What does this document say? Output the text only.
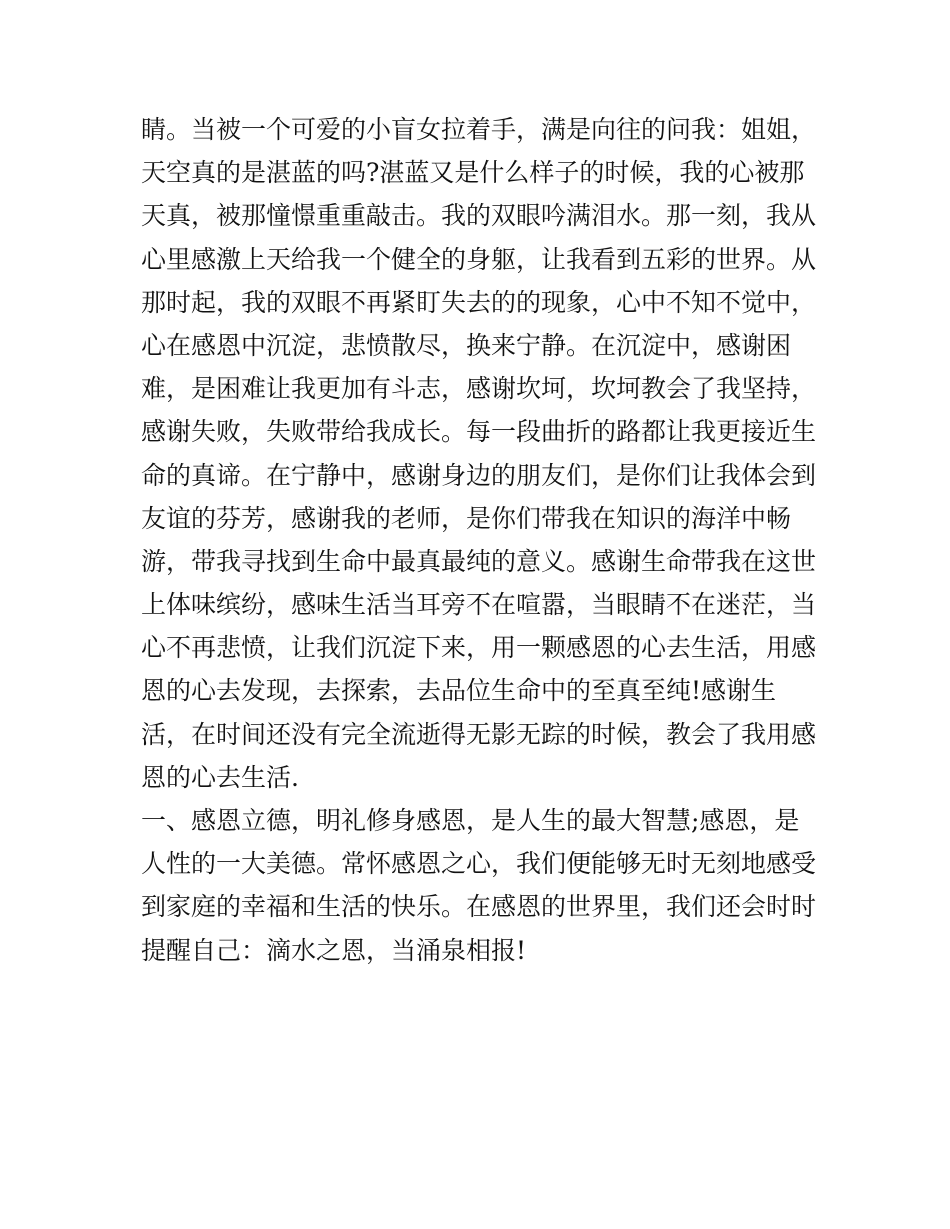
睛。当被一个可爱的小盲女拉着手，满是向往的问我：姐姐，
天空真的是湛蓝的吗?湛蓝又是什么样子的时候，我的心被那
天真，被那憧憬重重敲击。我的双眼吟满泪水。那一刻，我从
心里感激上天给我一个健全的身躯，让我看到五彩的世界。从
那时起，我的双眼不再紧盯失去的的现象，心中不知不觉中，
心在感恩中沉淀，悲愤散尽，换来宁静。在沉淀中，感谢困
难，是困难让我更加有斗志，感谢坎坷，坎坷教会了我坚持，
感谢失败，失败带给我成长。每一段曲折的路都让我更接近生
命的真谛。在宁静中，感谢身边的朋友们，是你们让我体会到
友谊的芬芳，感谢我的老师，是你们带我在知识的海洋中畅
游，带我寻找到生命中最真最纯的意义。感谢生命带我在这世
上体味缤纷，感味生活当耳旁不在喧嚣，当眼睛不在迷茫，当
心不再悲愤，让我们沉淀下来，用一颗感恩的心去生活，用感
恩的心去发现，去探索，去品位生命中的至真至纯!感谢生
活，在时间还没有完全流逝得无影无踪的时候，教会了我用感
恩的心去生活.
一、感恩立德，明礼修身感恩，是人生的最大智慧;感恩，是
人性的一大美德。常怀感恩之心，我们便能够无时无刻地感受
到家庭的幸福和生活的快乐。在感恩的世界里，我们还会时时
提醒自己：滴水之恩，当涌泉相报!
